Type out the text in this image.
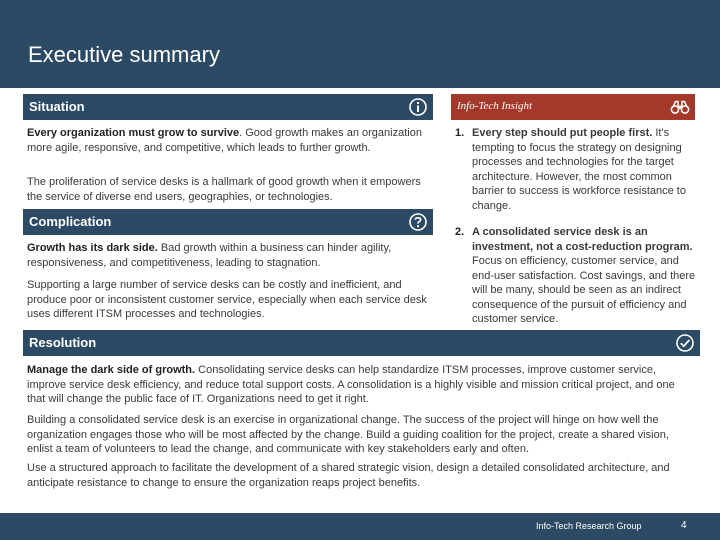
Executive summary
Situation
Every organization must grow to survive. Good growth makes an organization more agile, responsive, and competitive, which leads to further growth.
The proliferation of service desks is a hallmark of good growth when it empowers the service of diverse end users, geographies, or technologies.
Complication
Growth has its dark side. Bad growth within a business can hinder agility, responsiveness, and competitiveness, leading to stagnation.
Supporting a large number of service desks can be costly and inefficient, and produce poor or inconsistent customer service, especially when each service desk uses different ITSM processes and technologies.
Info-Tech Insight
1. Every step should put people first. It's tempting to focus the strategy on designing processes and technologies for the target architecture. However, the most common barrier to success is workforce resistance to change.
2. A consolidated service desk is an investment, not a cost-reduction program. Focus on efficiency, customer service, and end-user satisfaction. Cost savings, and there will be many, should be seen as an indirect consequence of the pursuit of efficiency and customer service.
Resolution
Manage the dark side of growth. Consolidating service desks can help standardize ITSM processes, improve customer service, improve service desk efficiency, and reduce total support costs. A consolidation is a highly visible and mission critical project, and one that will change the public face of IT. Organizations need to get it right.
Building a consolidated service desk is an exercise in organizational change. The success of the project will hinge on how well the organization engages those who will be most affected by the change. Build a guiding coalition for the project, create a shared vision, enlist a team of volunteers to lead the change, and communicate with key stakeholders early and often.
Use a structured approach to facilitate the development of a shared strategic vision, design a detailed consolidated architecture, and anticipate resistance to change to ensure the organization reaps project benefits.
Info-Tech Research Group	4
